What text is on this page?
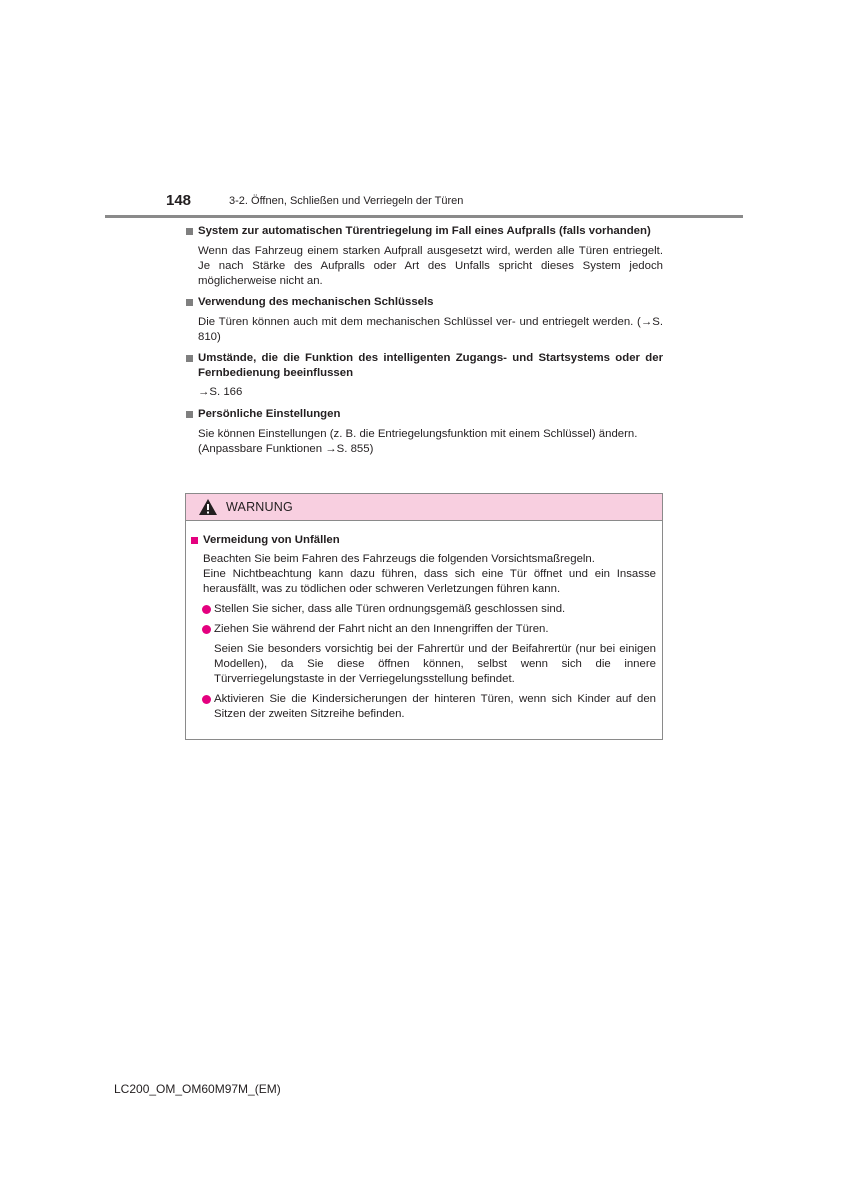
148	3-2. Öffnen, Schließen und Verriegeln der Türen

System zur automatischen Türentriegelung im Fall eines Aufpralls (falls vorhanden)

Wenn das Fahrzeug einem starken Aufprall ausgesetzt wird, werden alle Türen entriegelt. Je nach Stärke des Aufpralls oder Art des Unfalls spricht dieses System jedoch möglicherweise nicht an.

Verwendung des mechanischen Schlüssels

Die Türen können auch mit dem mechanischen Schlüssel ver- und entriegelt werden. (→S. 810)

Umstände, die die Funktion des intelligenten Zugangs- und Startsystems oder der Fernbedienung beeinflussen

→S. 166

Persönliche Einstellungen

Sie können Einstellungen (z. B. die Entriegelungsfunktion mit einem Schlüssel) ändern.

(Anpassbare Funktionen →S. 855)

WARNUNG

Vermeidung von Unfällen

Beachten Sie beim Fahren des Fahrzeugs die folgenden Vorsichtsmaßregeln.

Eine Nichtbeachtung kann dazu führen, dass sich eine Tür öffnet und ein Insasse herausfällt, was zu tödlichen oder schweren Verletzungen führen kann.

Stellen Sie sicher, dass alle Türen ordnungsgemäß geschlossen sind.

Ziehen Sie während der Fahrt nicht an den Innengriffen der Türen.

Seien Sie besonders vorsichtig bei der Fahrertür und der Beifahrertür (nur bei einigen Modellen), da Sie diese öffnen können, selbst wenn sich die innere Türverriegelungstaste in der Verriegelungsstellung befindet.

Aktivieren Sie die Kindersicherungen der hinteren Türen, wenn sich Kinder auf den Sitzen der zweiten Sitzreihe befinden.

LC200_OM_OM60M97M_(EM)
